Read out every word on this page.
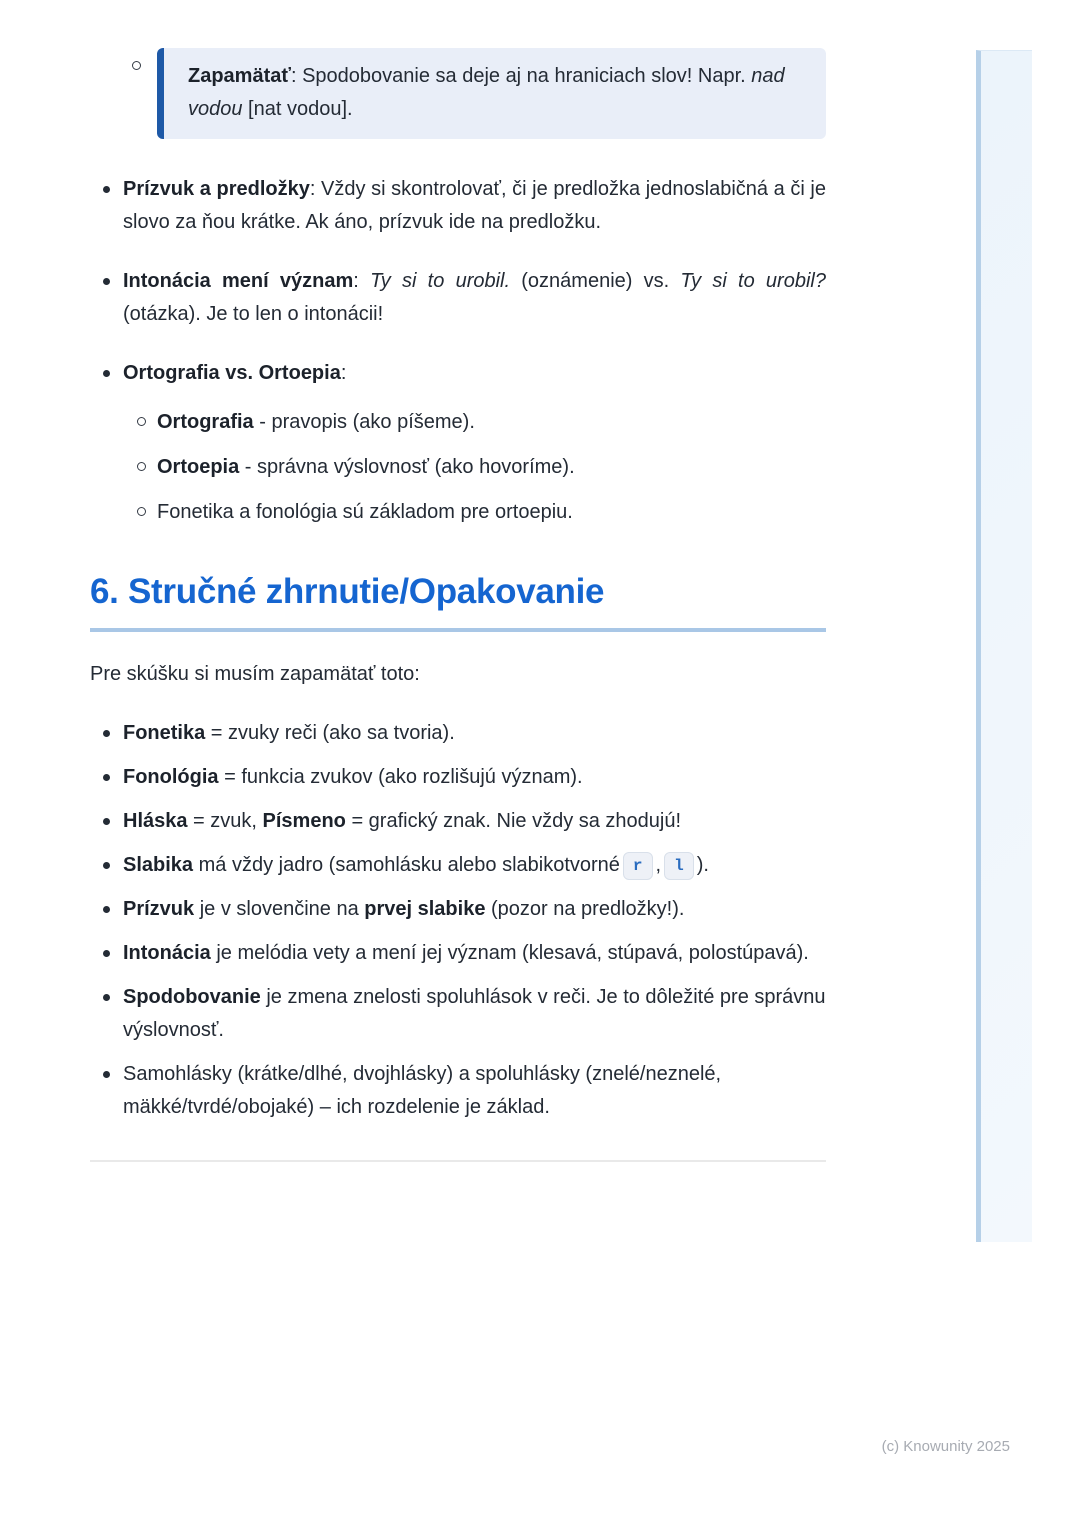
Zapamätať: Spodobovanie sa deje aj na hraniciach slov! Napr. nad vodou [nat vodou].

Prízvuk a predložky: Vždy si skontrolovať, či je predložka jednoslabičná a či je slovo za ňou krátke. Ak áno, prízvuk ide na predložku.

Intonácia mení význam: Ty si to urobil. (oznámenie) vs. Ty si to urobil? (otázka). Je to len o intonácii!

Ortografia vs. Ortoepia:

Ortografia - pravopis (ako píšeme).

Ortoepia - správna výslovnosť (ako hovoríme).

Fonetika a fonológia sú základom pre ortoepiu.

6. Stručné zhrnutie/Opakovanie

Pre skúšku si musím zapamätať toto:

Fonetika = zvuky reči (ako sa tvoria).

Fonológia = funkcia zvukov (ako rozlišujú význam).

Hláska = zvuk, Písmeno = grafický znak. Nie vždy sa zhodujú!

Slabika má vždy jadro (samohlásku alebo slabikotvorné r , l ).

Prízvuk je v slovenčine na prvej slabike (pozor na predložky!).

Intonácia je melódia vety a mení jej význam (klesavá, stúpavá, polostúpavá).

Spodobovanie je zmena znelosti spoluhlások v reči. Je to dôležité pre správnu výslovnosť.

Samohlásky (krátke/dlhé, dvojhlásky) a spoluhlásky (znelé/neznelé, mäkké/tvrdé/obojaké) – ich rozdelenie je základ.

(c) Knowunity 2025
